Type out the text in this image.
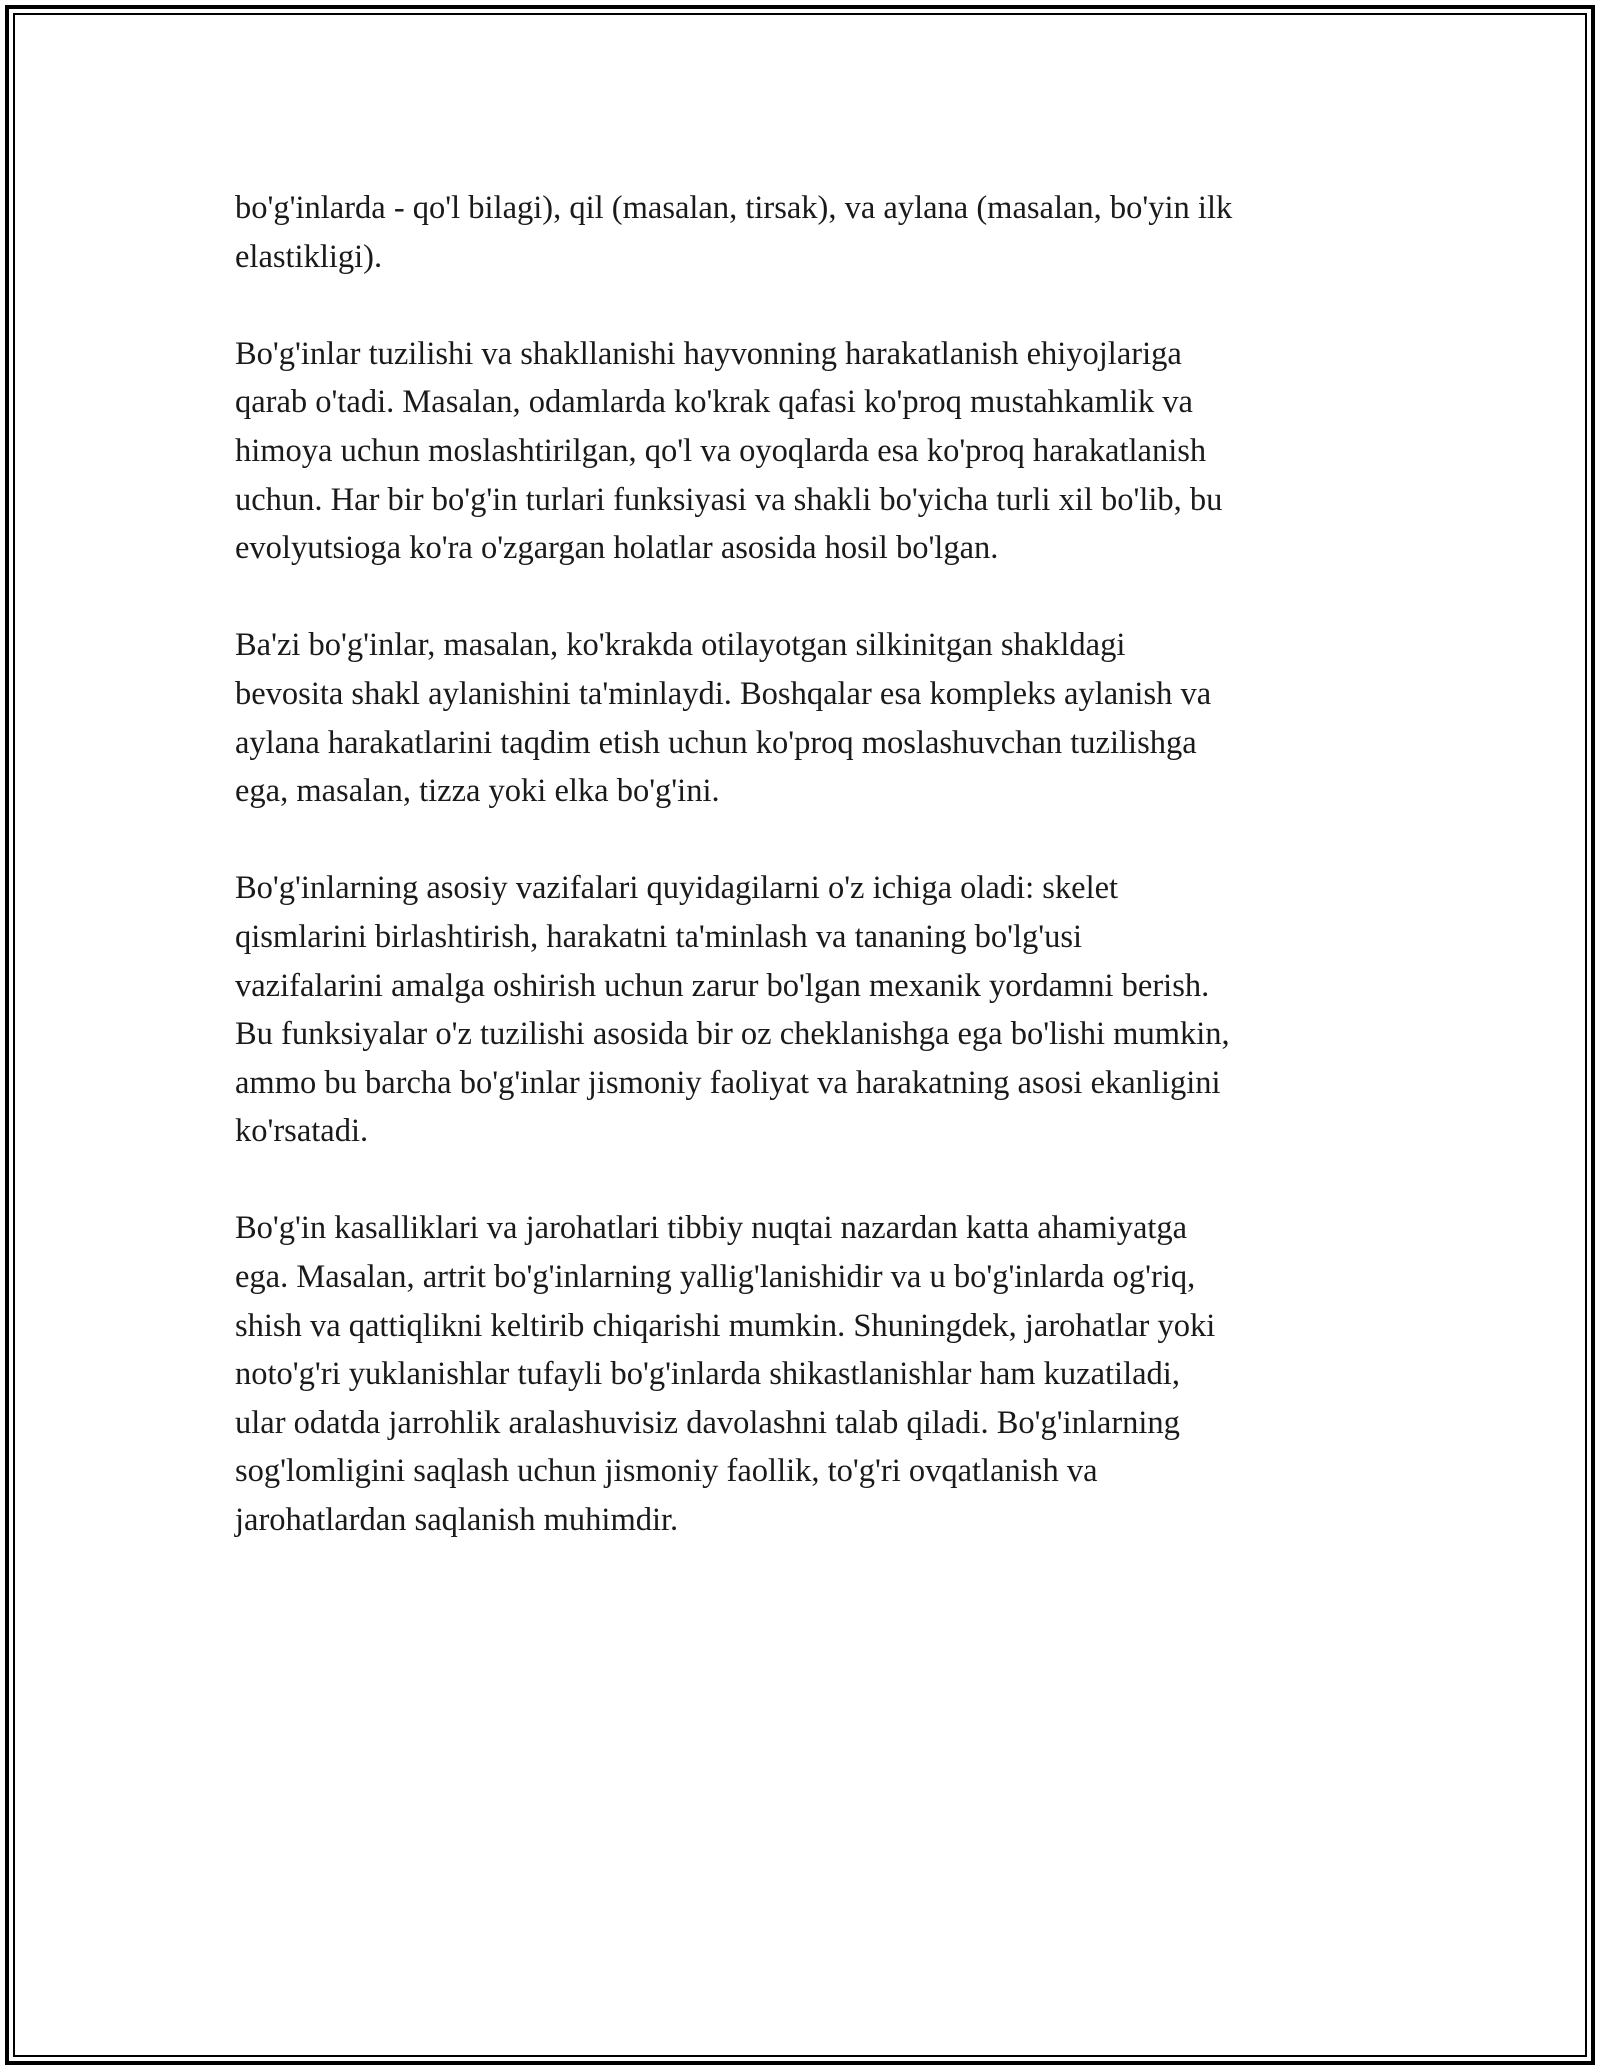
bo'g'inlarda - qo'l bilagi), qil (masalan, tirsak), va aylana (masalan, bo'yin ilk
elastikligi).

Bo'g'inlar tuzilishi va shakllanishi hayvonning harakatlanish ehiyojlariga
qarab o'tadi. Masalan, odamlarda ko'krak qafasi ko'proq mustahkamlik va
himoya uchun moslashtirilgan, qo'l va oyoqlarda esa ko'proq harakatlanish
uchun. Har bir bo'g'in turlari funksiyasi va shakli bo'yicha turli xil bo'lib, bu
evolyutsioga ko'ra o'zgargan holatlar asosida hosil bo'lgan.

Ba'zi bo'g'inlar, masalan, ko'krakda otilayotgan silkinitgan shakldagi
bevosita shakl aylanishini ta'minlaydi. Boshqalar esa kompleks aylanish va
aylana harakatlarini taqdim etish uchun ko'proq moslashuvchan tuzilishga
ega, masalan, tizza yoki elka bo'g'ini.

Bo'g'inlarning asosiy vazifalari quyidagilarni o'z ichiga oladi: skelet
qismlarini birlashtirish, harakatni ta'minlash va tananing bo'lg'usi
vazifalarini amalga oshirish uchun zarur bo'lgan mexanik yordamni berish.
Bu funksiyalar o'z tuzilishi asosida bir oz cheklanishga ega bo'lishi mumkin,
ammo bu barcha bo'g'inlar jismoniy faoliyat va harakatning asosi ekanligini
ko'rsatadi.

Bo'g'in kasalliklari va jarohatlari tibbiy nuqtai nazardan katta ahamiyatga
ega. Masalan, artrit bo'g'inlarning yallig'lanishidir va u bo'g'inlarda og'riq,
shish va qattiqlikni keltirib chiqarishi mumkin. Shuningdek, jarohatlar yoki
noto'g'ri yuklanishlar tufayli bo'g'inlarda shikastlanishlar ham kuzatiladi,
ular odatda jarrohlik aralashuvisiz davolashni talab qiladi. Bo'g'inlarning
sog'lomligini saqlash uchun jismoniy faollik, to'g'ri ovqatlanish va
jarohatlardan saqlanish muhimdir.
